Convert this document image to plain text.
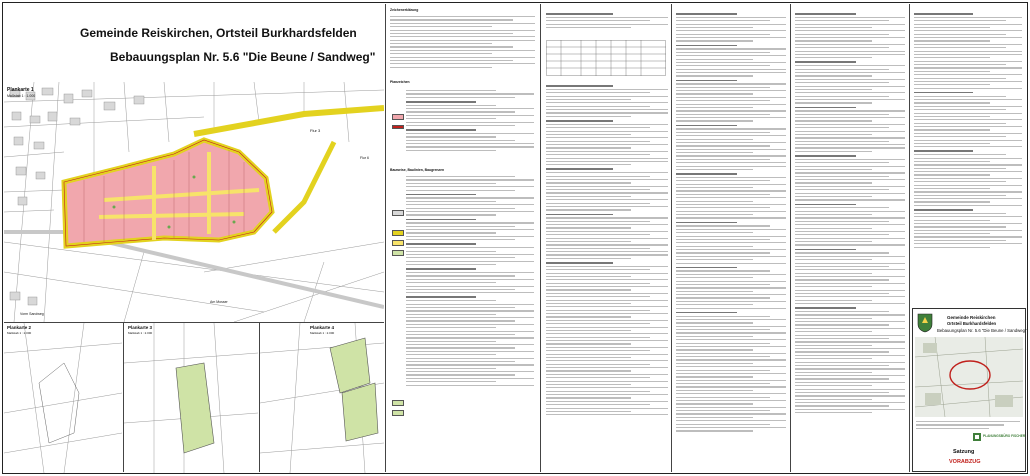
Gemeinde Reiskirchen, Ortsteil Burkhardsfelden
Bebauungsplan Nr. 5.6 "Die Beune / Sandweg"
Plankarte 1
Maßstab 1 : 1.000
Flur 3
Flur 6
Am Mosser
Vorm Sandweg
Plankarte 2
Maßstab 1 : 2.000
Plankarte 3
Maßstab 1 : 2.000
Plankarte 4
Maßstab 1 : 2.000
Zeichenerklärung
Planzeichen
Bauweise, Baulinien, Baugrenzen
Gemeinde Reiskirchen
Ortsteil Burkhardsfelden
Bebauungsplan Nr. 5.6 "Die Beune / Sandweg"
PLANUNGSBÜRO FISCHER
Satzung
VORABZUG
